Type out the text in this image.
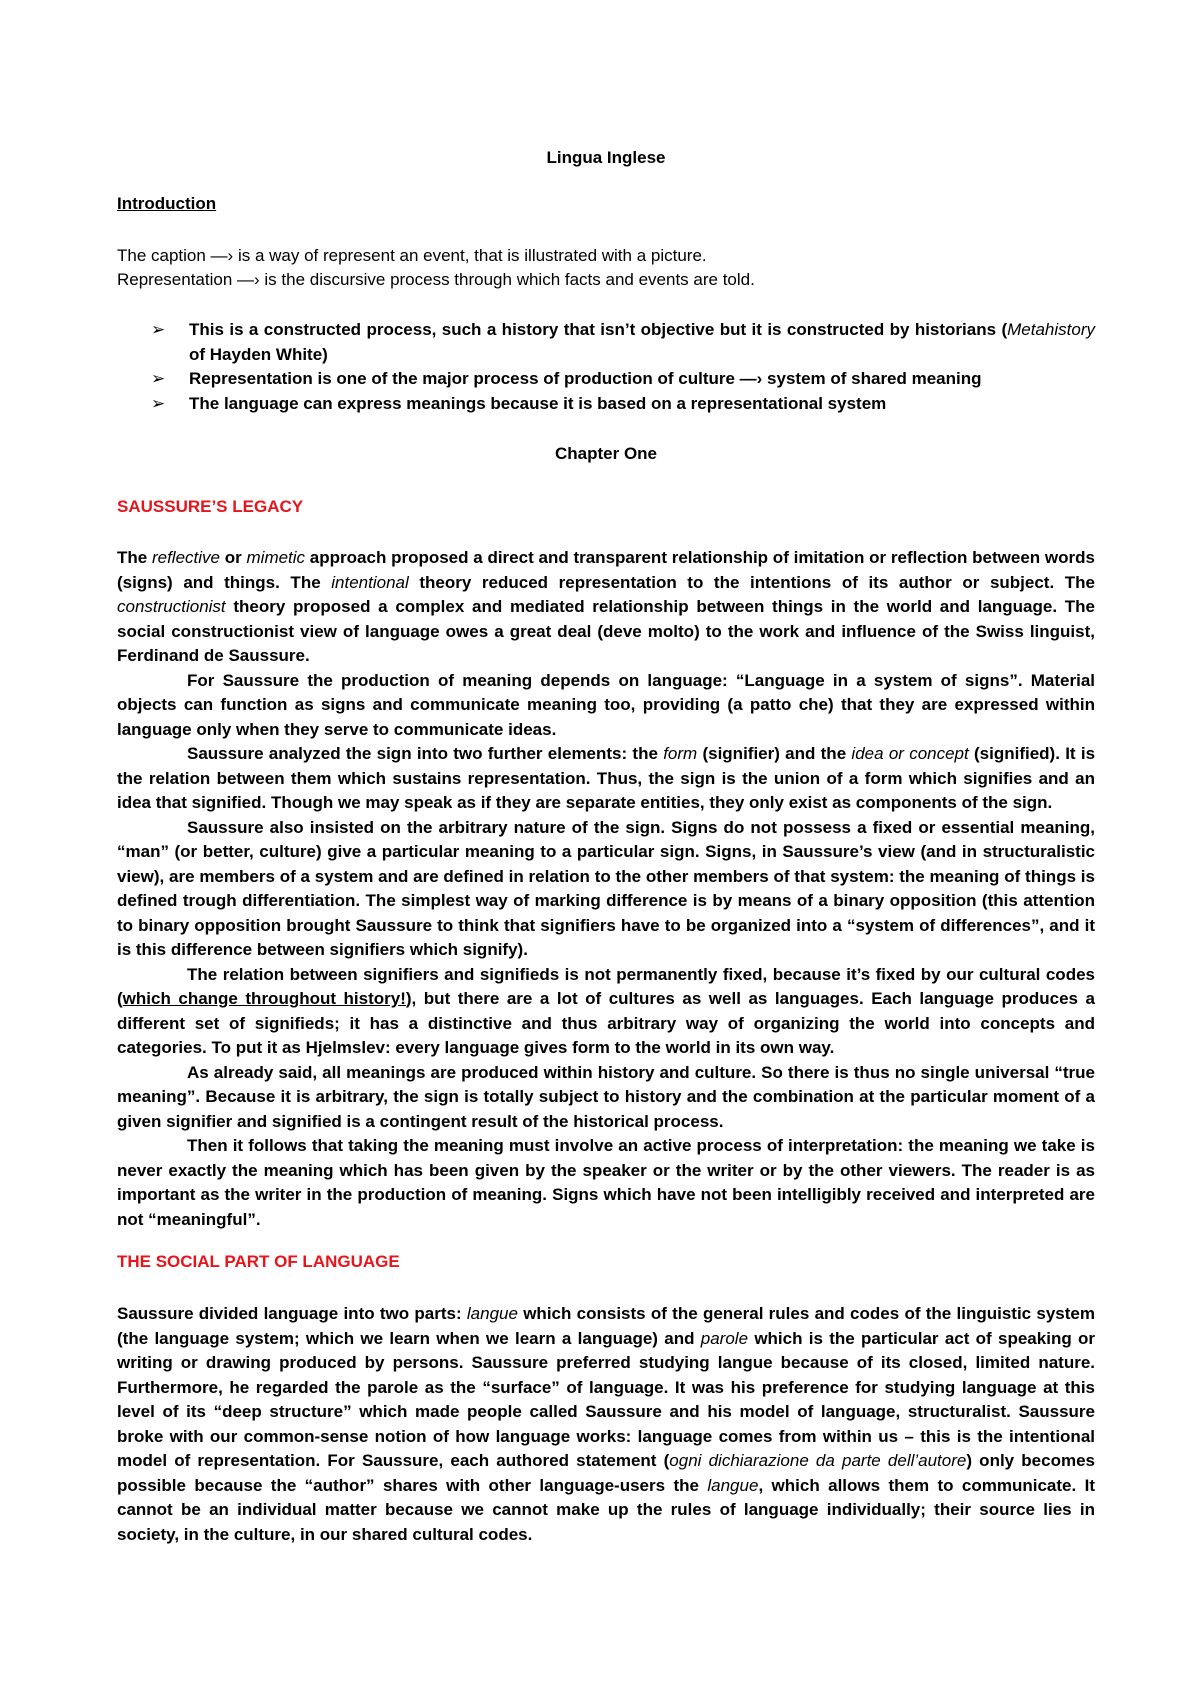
Lingua Inglese
Introduction
The caption —› is a way of represent an event, that is illustrated with a picture.
Representation —› is the discursive process through which facts and events are told.
➢ This is a constructed process, such a history that isn’t objective but it is constructed by historians (Metahistory of Hayden White)
➢ Representation is one of the major process of production of culture —› system of shared meaning
➢ The language can express meanings because it is based on a representational system
Chapter One
SAUSSURE’S LEGACY

The reflective or mimetic approach proposed a direct and transparent relationship of imitation or reflection between words (signs) and things. The intentional theory reduced representation to the intentions of its author or subject. The constructionist theory proposed a complex and mediated relationship between things in the world and language. The social constructionist view of language owes a great deal (deve molto) to the work and influence of the Swiss linguist, Ferdinand de Saussure.

For Saussure the production of meaning depends on language: “Language in a system of signs”. Material objects can function as signs and communicate meaning too, providing (a patto che) that they are expressed within language only when they serve to communicate ideas.

Saussure analyzed the sign into two further elements: the form (signifier) and the idea or concept (signified). It is the relation between them which sustains representation. Thus, the sign is the union of a form which signifies and an idea that signified. Though we may speak as if they are separate entities, they only exist as components of the sign.

Saussure also insisted on the arbitrary nature of the sign. Signs do not possess a fixed or essential meaning, “man” (or better, culture) give a particular meaning to a particular sign. Signs, in Saussure’s view (and in structuralistic view), are members of a system and are defined in relation to the other members of that system: the meaning of things is defined trough differentiation. The simplest way of marking difference is by means of a binary opposition (this attention to binary opposition brought Saussure to think that signifiers have to be organized into a “system of differences”, and it is this difference between signifiers which signify).

The relation between signifiers and signifieds is not permanently fixed, because it’s fixed by our cultural codes (which change throughout history!), but there are a lot of cultures as well as languages. Each language produces a different set of signifieds; it has a distinctive and thus arbitrary way of organizing the world into concepts and categories. To put it as Hjelmslev: every language gives form to the world in its own way.

As already said, all meanings are produced within history and culture. So there is thus no single universal “true meaning”. Because it is arbitrary, the sign is totally subject to history and the combination at the particular moment of a given signifier and signified is a contingent result of the historical process.

Then it follows that taking the meaning must involve an active process of interpretation: the meaning we take is never exactly the meaning which has been given by the speaker or the writer or by the other viewers. The reader is as important as the writer in the production of meaning. Signs which have not been intelligibly received and interpreted are not “meaningful”.

THE SOCIAL PART OF LANGUAGE

Saussure divided language into two parts: langue which consists of the general rules and codes of the linguistic system (the language system; which we learn when we learn a language) and parole which is the particular act of speaking or writing or drawing produced by persons. Saussure preferred studying langue because of its closed, limited nature. Furthermore, he regarded the parole as the “surface” of language. It was his preference for studying language at this level of its “deep structure” which made people called Saussure and his model of language, structuralist. Saussure broke with our common-sense notion of how language works: language comes from within us – this is the intentional model of representation. For Saussure, each authored statement (ogni dichiarazione da parte dell’autore) only becomes possible because the “author” shares with other language-users the langue, which allows them to communicate. It cannot be an individual matter because we cannot make up the rules of language individually; their source lies in society, in the culture, in our shared cultural codes.
